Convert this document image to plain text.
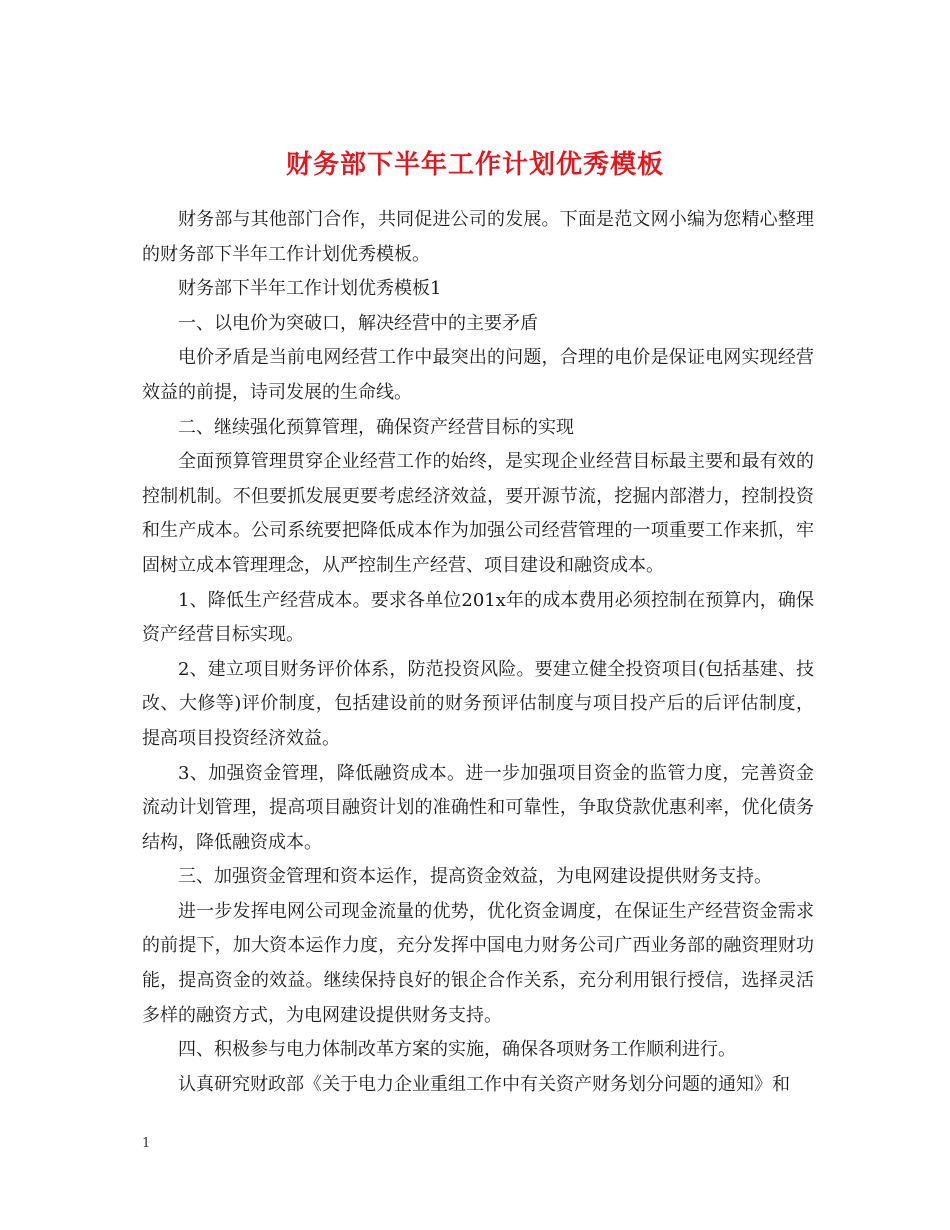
财务部下半年工作计划优秀模板

财务部与其他部门合作，共同促进公司的发展。下面是范文网小编为您精心整理的财务部下半年工作计划优秀模板。

财务部下半年工作计划优秀模板1

一、以电价为突破口，解决经营中的主要矛盾

电价矛盾是当前电网经营工作中最突出的问题，合理的电价是保证电网实现经营效益的前提，诗司发展的生命线。

二、继续强化预算管理，确保资产经营目标的实现

全面预算管理贯穿企业经营工作的始终，是实现企业经营目标最主要和最有效的控制机制。不但要抓发展更要考虑经济效益，要开源节流，挖掘内部潜力，控制投资和生产成本。公司系统要把降低成本作为加强公司经营管理的一项重要工作来抓，牢固树立成本管理理念，从严控制生产经营、项目建设和融资成本。

1、降低生产经营成本。要求各单位201x年的成本费用必须控制在预算内，确保资产经营目标实现。

2、建立项目财务评价体系，防范投资风险。要建立健全投资项目(包括基建、技改、大修等)评价制度，包括建设前的财务预评估制度与项目投产后的后评估制度，提高项目投资经济效益。

3、加强资金管理，降低融资成本。进一步加强项目资金的监管力度，完善资金流动计划管理，提高项目融资计划的准确性和可靠性，争取贷款优惠利率，优化债务结构，降低融资成本。

三、加强资金管理和资本运作，提高资金效益，为电网建设提供财务支持。

进一步发挥电网公司现金流量的优势，优化资金调度，在保证生产经营资金需求的前提下，加大资本运作力度，充分发挥中国电力财务公司广西业务部的融资理财功能，提高资金的效益。继续保持良好的银企合作关系，充分利用银行授信，选择灵活多样的融资方式，为电网建设提供财务支持。

四、积极参与电力体制改革方案的实施，确保各项财务工作顺利进行。

认真研究财政部《关于电力企业重组工作中有关资产财务划分问题的通知》和

1
